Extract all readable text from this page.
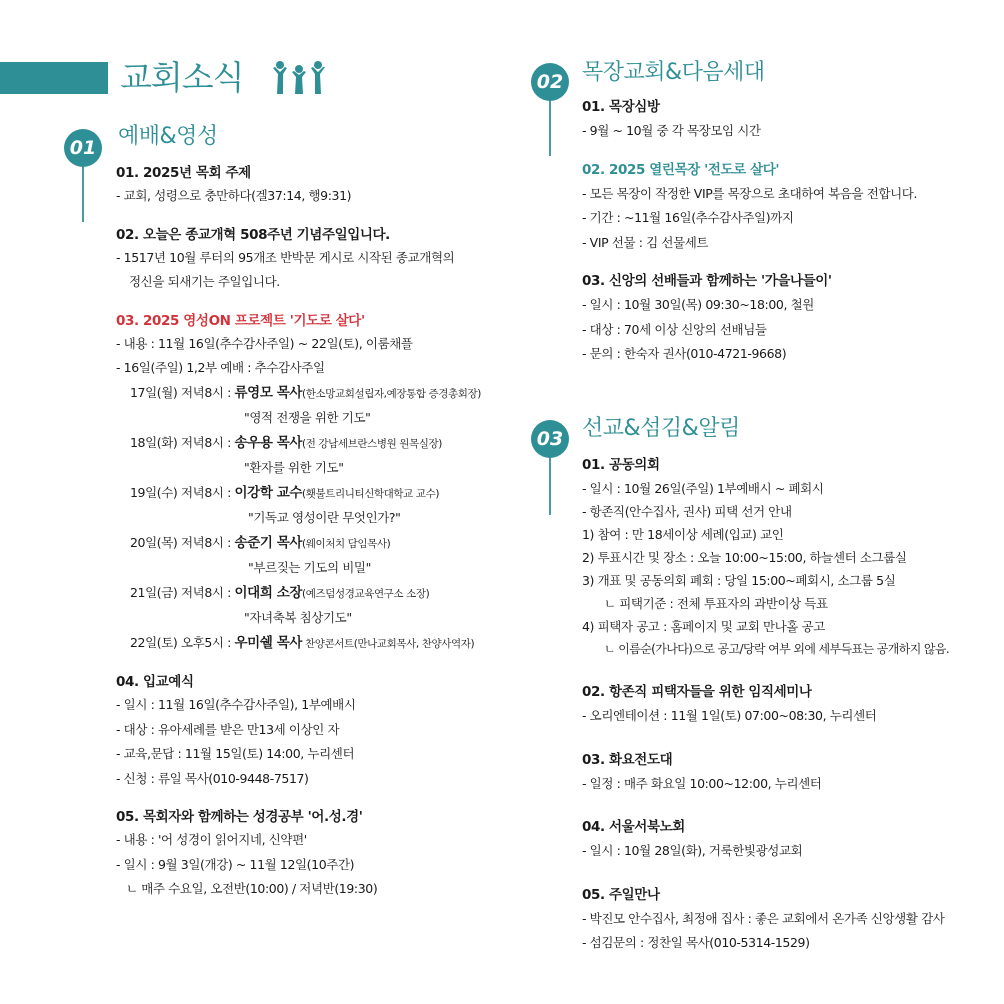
교회소식
01 예배&영성
01. 2025년 목회 주제
- 교회, 성령으로 충만하다(겔37:14, 행9:31)
02. 오늘은 종교개혁 508주년 기념주일입니다.
- 1517년 10월 루터의 95개조 반박문 게시로 시작된 종교개혁의
정신을 되새기는 주일입니다.
03. 2025 영성ON 프로젝트 '기도로 살다'
- 내용 : 11월 16일(추수감사주일) ~ 22일(토), 이룸채플
- 16일(주일) 1,2부 예배 : 추수감사주일
17일(월) 저녁8시 : 류영모 목사(한소망교회설립자,예장통합 증경총회장)
"영적 전쟁을 위한 기도"
18일(화) 저녁8시 : 송우용 목사(전 강남세브란스병원 원목실장)
"환자를 위한 기도"
19일(수) 저녁8시 : 이강학 교수(횃불트리니티신학대학교 교수)
"기독교 영성이란 무엇인가?"
20일(목) 저녁8시 : 송준기 목사(웨이처치 담임목사)
"부르짖는 기도의 비밀"
21일(금) 저녁8시 : 이대희 소장(예즈덤성경교육연구소 소장)
"자녀축복 침상기도"
22일(토) 오후5시 : 우미쉘 목사 찬양콘서트(만나교회목사, 찬양사역자)
04. 입교예식
- 일시 : 11월 16일(추수감사주일), 1부예배시
- 대상 : 유아세례를 받은 만13세 이상인 자
- 교육,문답 : 11월 15일(토) 14:00, 누리센터
- 신청 : 류일 목사(010-9448-7517)
05. 목회자와 함께하는 성경공부 '어.성.경'
- 내용 : '어 성경이 읽어지네, 신약편'
- 일시 : 9월 3일(개강) ~ 11월 12일(10주간)
ㄴ 매주 수요일, 오전반(10:00) / 저녁반(19:30)
02 목장교회&다음세대
01. 목장심방
- 9월 ~ 10월 중 각 목장모임 시간
02. 2025 열린목장 '전도로 살다'
- 모든 목장이 작정한 VIP를 목장으로 초대하여 복음을 전합니다.
- 기간 : ~11월 16일(추수감사주일)까지
- VIP 선물 : 김 선물세트
03. 신앙의 선배들과 함께하는 '가을나들이'
- 일시 : 10월 30일(목) 09:30~18:00, 철원
- 대상 : 70세 이상 신앙의 선배님들
- 문의 : 한숙자 권사(010-4721-9668)
03 선교&섬김&알림
01. 공동의회
- 일시 : 10월 26일(주일) 1부예배시 ~ 폐회시
- 항존직(안수집사, 권사) 피택 선거 안내
1) 참여 : 만 18세이상 세례(입교) 교인
2) 투표시간 및 장소 : 오늘 10:00~15:00, 하늘센터 소그룹실
3) 개표 및 공동의회 폐회 : 당일 15:00~폐회시, 소그룹 5실
ㄴ 피택기준 : 전체 투표자의 과반이상 득표
4) 피택자 공고 : 홈페이지 및 교회 만나홀 공고
ㄴ 이름순(가나다)으로 공고/당락 여부 외에 세부득표는 공개하지 않음.
02. 항존직 피택자들을 위한 임직세미나
- 오리엔테이션 : 11월 1일(토) 07:00~08:30, 누리센터
03. 화요전도대
- 일정 : 매주 화요일 10:00~12:00, 누리센터
04. 서울서북노회
- 일시 : 10월 28일(화), 거룩한빛광성교회
05. 주일만나
- 박진모 안수집사, 최정애 집사 : 좋은 교회에서 온가족 신앙생활 감사
- 섬김문의 : 정찬일 목사(010-5314-1529)
